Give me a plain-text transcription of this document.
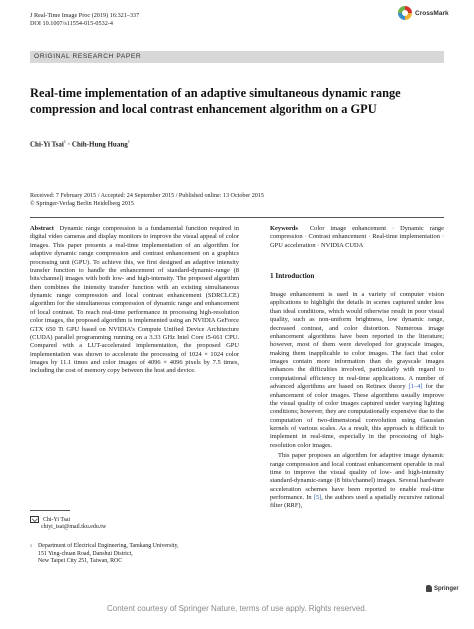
J Real-Time Image Proc (2019) 16:321–337
DOI 10.1007/s11554-015-0532-4
CrossMark
ORIGINAL RESEARCH PAPER
Real-time implementation of an adaptive simultaneous dynamic range compression and local contrast enhancement algorithm on a GPU
Chi-Yi Tsai$^1$ · Chih-Hung Huang$^1$
Received: 7 February 2015 / Accepted: 24 September 2015 / Published online: 13 October 2015
© Springer-Verlag Berlin Heidelberg 2015
Abstract Dynamic range compression is a fundamental function required in digital video cameras and display monitors to improve the visual appeal of color images. This paper presents a real-time implementation of an algorithm for adaptive dynamic range compression and contrast enhancement on a graphics processing unit (GPU). To achieve this, we first designed an adaptive intensity transfer function to handle the enhancement of standard-dynamic-range (8 bits/channel) images with both low- and high-intensity. The proposed algorithm then combines the intensity transfer function with an existing simultaneous dynamic range compression and local contrast enhancement (SDRCLCE) algorithm for the simultaneous compression of dynamic range and enhancement of local contrast. To reach real-time performance in processing high-resolution color images, the proposed algorithm is implemented using an NVIDIA GeForce GTX 650 Ti GPU based on NVIDIA’s Compute Unified Device Architecture (CUDA) parallel programming running on a 3.33 GHz Intel Core i5-661 CPU. Compared with a LUT-accelerated implementation, the proposed GPU implementation was shown to accelerate the processing of 1024 × 1024 color images by 11.1 times and color images of 4096 × 4096 pixels by 7.5 times, including the cost of memory copy between the host and device.
Keywords Color image enhancement · Dynamic range compression · Contrast enhancement · Real-time implementation · GPU acceleration · NVIDIA CUDA
1 Introduction

Image enhancement is used in a variety of computer vision applications to highlight the details in scenes captured under less than ideal conditions, which would otherwise result in poor visual quality, such as non-uniform brightness, low dynamic range, decreased contrast, and color distortion. Numerous image enhancement algorithms have been reported in the literature; however, most of them were developed for grayscale images, making them inapplicable to color images. The fact that color images contain more information than do grayscale images enhances the difficulties involved, particularly with regard to computational efficiency in real-time applications. A number of advanced algorithms are based on Retinex theory [1–4] for the enhancement of color images. These algorithms usually improve the visual quality of color images captured under varying lighting conditions; however, they are computationally expensive due to the computation of two-dimensional convolution using Gaussian kernels of various scales. As a result, this approach is difficult to implement in real-time, especially in the processing of high-resolution color images.

This paper proposes an algorithm for adaptive image dynamic range compression and local contrast enhancement operable in real time to improve the visual quality of low- and high-intensity standard-dynamic-range (8 bits/channel) images. Several hardware acceleration schemes have been reported to enable real-time performance. In [5], the authors used a spatially recursive rational filter (RRF),

Chi-Yi Tsai
chiyi_tsai@mail.tku.edu.tw
1 Department of Electrical Engineering, Tamkang University,
151 Ying-chuan Road, Danshui District,
New Taipei City 251, Taiwan, ROC
Springer
Content courtesy of Springer Nature, terms of use apply. Rights reserved.
